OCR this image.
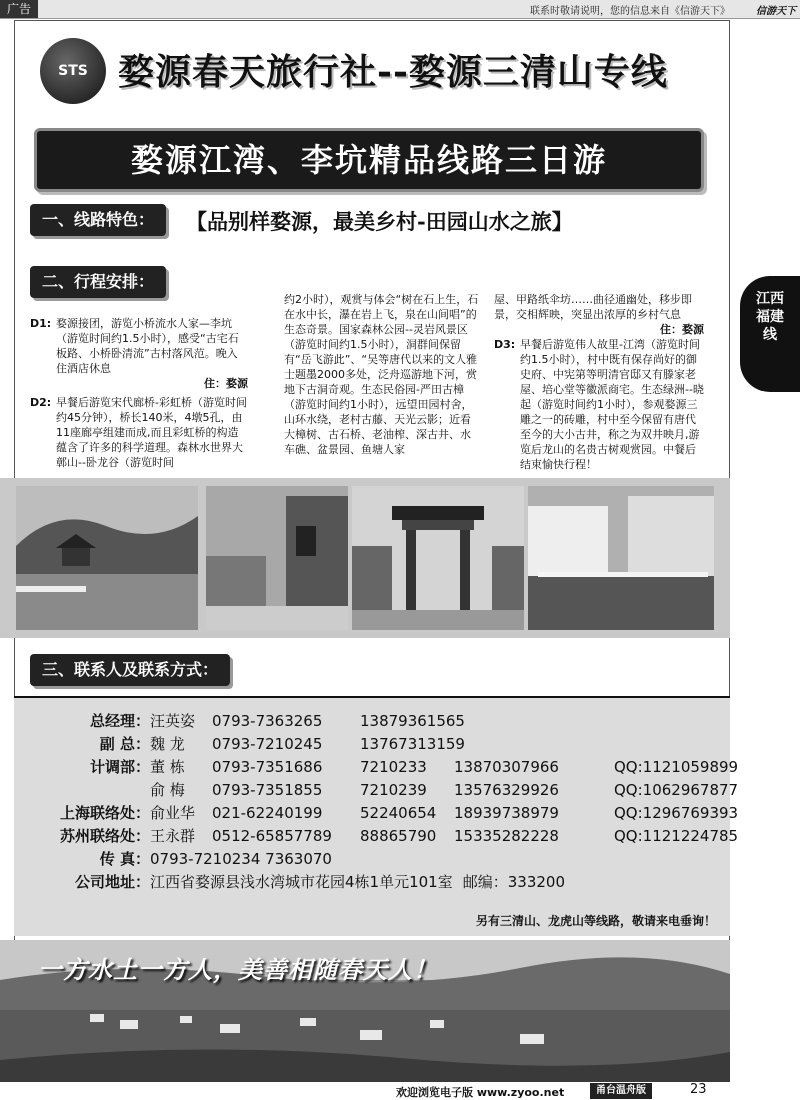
广告	联系时敬请说明，您的信息来自《信游天下》	信游天下
STS 婺源春天旅行社--婺源三清山专线
婺源江湾、李坑精品线路三日游
一、线路特色：	【品别样婺源，最美乡村-田园山水之旅】
二、行程安排：
D1: 婺源接团，游览小桥流水人家—李坑（游览时间约1.5小时），感受“古宅石板路、小桥卧清流”古村落风范。晚入住酒店休息

住：婺源

D2: 早餐后游览宋代廊桥-彩虹桥（游览时间约45分钟），桥长140米，4墩5孔，由11座廊亭组建而成,而且彩虹桥的构造蕴含了许多的科学道理。森林水世界大鄣山--卧龙谷（游览时间

约2小时），观赏与体会“树在石上生，石在水中长，瀑在岩上飞，泉在山间唱”的生态奇景。国家森林公园--灵岩风景区（游览时间约1.5小时），洞群间保留有“岳飞游此”、“吴等唐代以来的文人雅士题墨2000多处，泛舟巡游地下河，赏地下古洞奇观。生态民俗园-严田古樟（游览时间约1小时），远望田园村舍，山环水绕，老村古藤、天光云影；近看大樟树、古石桥、老油榨、深古井、水车礁、盆景园、鱼塘人家

屋、甲路纸伞坊……曲径通幽处，移步即景，交相辉映，突显出浓厚的乡村气息

住：婺源

D3: 早餐后游览伟人故里-江湾（游览时间约1.5小时），村中既有保存尚好的御史府、中宪第等明清官邸又有滕家老屋、培心堂等徽派商宅。生态绿洲--晓起（游览时间约1小时），参观婺源三雕之一的砖雕，村中至今保留有唐代至今的大小古井，称之为双井映月,游览后龙山的名贵古树观赏园。中餐后结束愉快行程！

江西福建线
三、联系人及联系方式：
总经理：汪英姿 0793-7363265	13879361565
副 总：魏 龙 0793-7210245	13767313159
计调部：董 栋 0793-7351686	7210233 13870307966	QQ:1121059899
俞 梅 0793-7351855	7210239 13576329926	QQ:1062967877
上海联络处：俞业华 021-62240199	52240654 18939738979	QQ:1296769393
苏州联络处：王永群 0512-65857789 88865790 15335282228	QQ:1121224785
传 真：0793-7210234 7363070
公司地址：江西省婺源县浅水湾城市花园4栋1单元101室 邮编：333200
另有三清山、龙虎山等线路，敬请来电垂询！
一方水土一方人，美善相随春天人！
欢迎浏览电子版 www.zyoo.net	甬台温舟版	23
